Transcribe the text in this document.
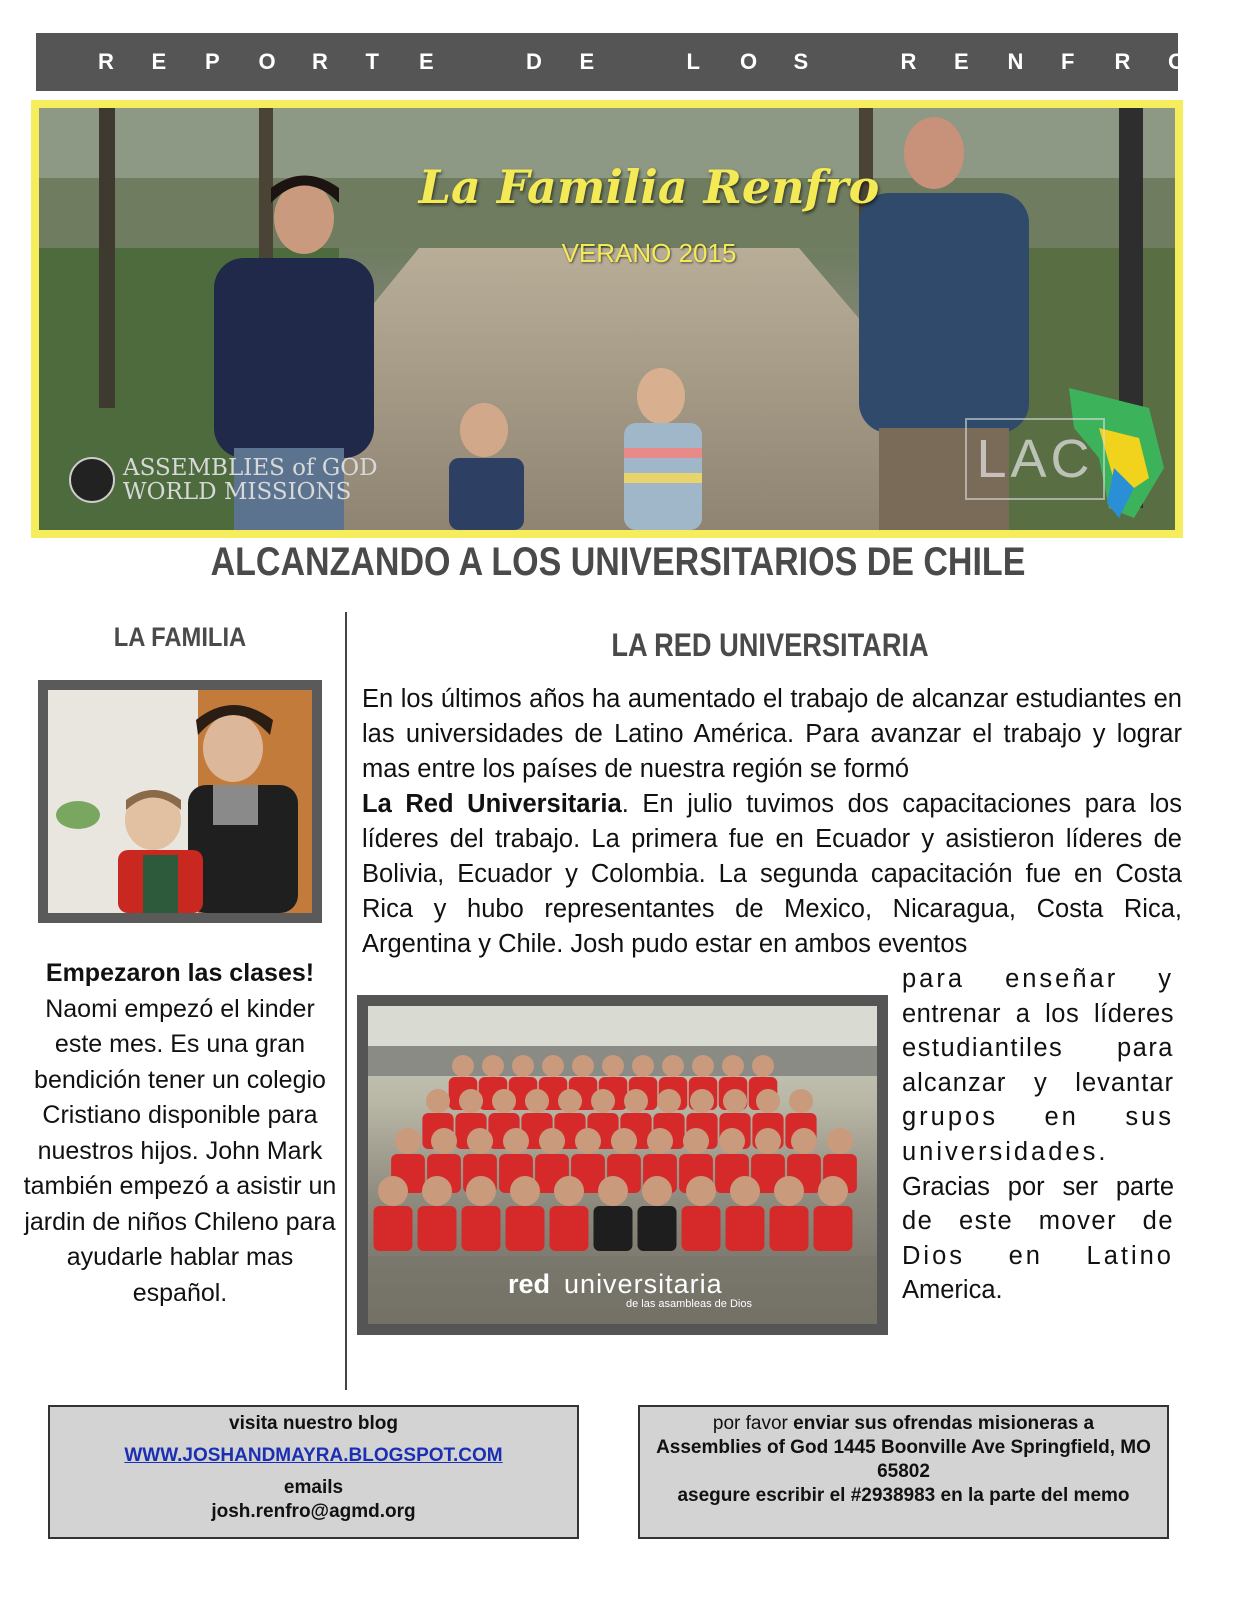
R	E	P	O	R	T	E
	D	E
	L	O	S
	R	E	N	F	R	O
La Familia Renfro
VERANO 2015
ASSEMBLIES of GOD
WORLD MISSIONS
LAC
ALCANZANDO A LOS UNIVERSITARIOS DE CHILE
LA FAMILIA
Empezaron las clases!
Naomi empezó el kinder este mes. Es una gran bendición tener un colegio Cristiano disponible para nuestros hijos. John Mark también empezó a asistir un jardin de niños Chileno para ayudarle hablar mas español.
LA RED UNIVERSITARIA
En los últimos años ha aumentado el trabajo de alcanzar estudiantes en las universidades de Latino América. Para avanzar el trabajo y lograr mas entre los países de nuestra región se formó
La Red Universitaria. En julio tuvimos dos capacitaciones para los líderes del trabajo. La primera fue en Ecuador y asistieron líderes de Bolivia, Ecuador y Colombia. La segunda capacitación fue en Costa Rica y hubo representantes de Mexico, Nicaragua, Costa Rica, Argentina y Chile. Josh pudo estar en ambos eventos
para enseñar y
entrenar a los líderes
estudiantiles para
alcanzar y levantar
grupos en sus
universidades.
Gracias por ser parte
de este mover de
Dios en Latino
America.
red universitaria
de las asambleas de Dios
visita nuestro blog
WWW.JOSHANDMAYRA.BLOGSPOT.COM
emails
josh.renfro@agmd.org
por favor enviar sus ofrendas misioneras a
Assemblies of God 1445 Boonville Ave Springfield, MO
65802
asegure escribir el #2938983 en la parte del memo
